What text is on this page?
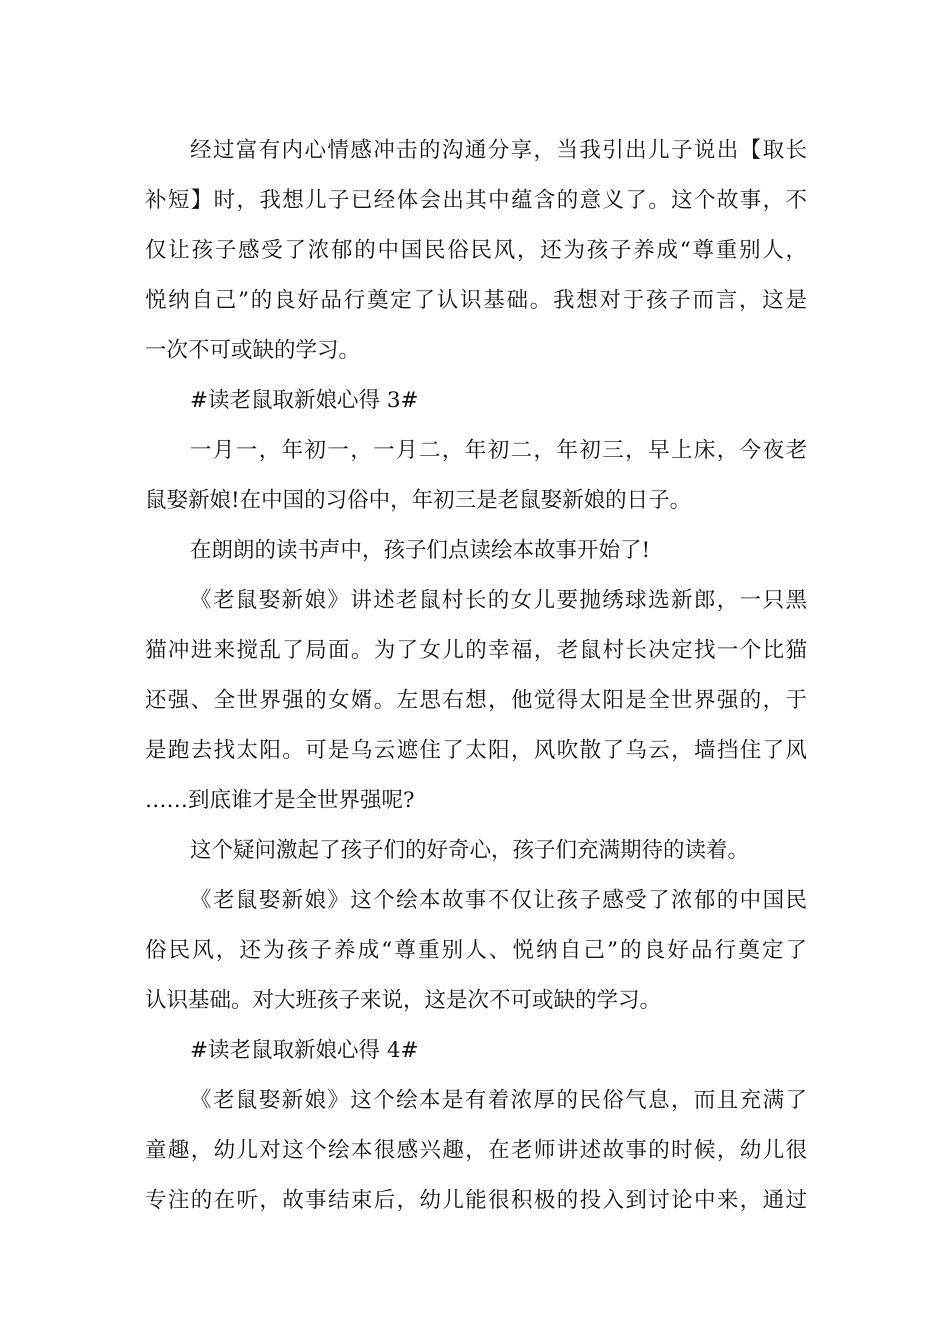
经过富有内心情感冲击的沟通分享，当我引出儿子说出【取长

补短】时，我想儿子已经体会出其中蕴含的意义了。这个故事，不

仅让孩子感受了浓郁的中国民俗民风，还为孩子养成“尊重别人，

悦纳自己”的良好品行奠定了认识基础。我想对于孩子而言，这是

一次不可或缺的学习。

#读老鼠取新娘心得 3#

一月一，年初一，一月二，年初二，年初三，早上床，今夜老

鼠娶新娘!在中国的习俗中，年初三是老鼠娶新娘的日子。

在朗朗的读书声中，孩子们点读绘本故事开始了!

《老鼠娶新娘》讲述老鼠村长的女儿要抛绣球选新郎，一只黑

猫冲进来搅乱了局面。为了女儿的幸福，老鼠村长决定找一个比猫

还强、全世界强的女婿。左思右想，他觉得太阳是全世界强的，于

是跑去找太阳。可是乌云遮住了太阳，风吹散了乌云，墙挡住了风

……到底谁才是全世界强呢?

这个疑问激起了孩子们的好奇心，孩子们充满期待的读着。

《老鼠娶新娘》这个绘本故事不仅让孩子感受了浓郁的中国民

俗民风，还为孩子养成“尊重别人、悦纳自己”的良好品行奠定了

认识基础。对大班孩子来说，这是次不可或缺的学习。

#读老鼠取新娘心得 4#

《老鼠娶新娘》这个绘本是有着浓厚的民俗气息，而且充满了

童趣，幼儿对这个绘本很感兴趣，在老师讲述故事的时候，幼儿很

专注的在听，故事结束后，幼儿能很积极的投入到讨论中来，通过
